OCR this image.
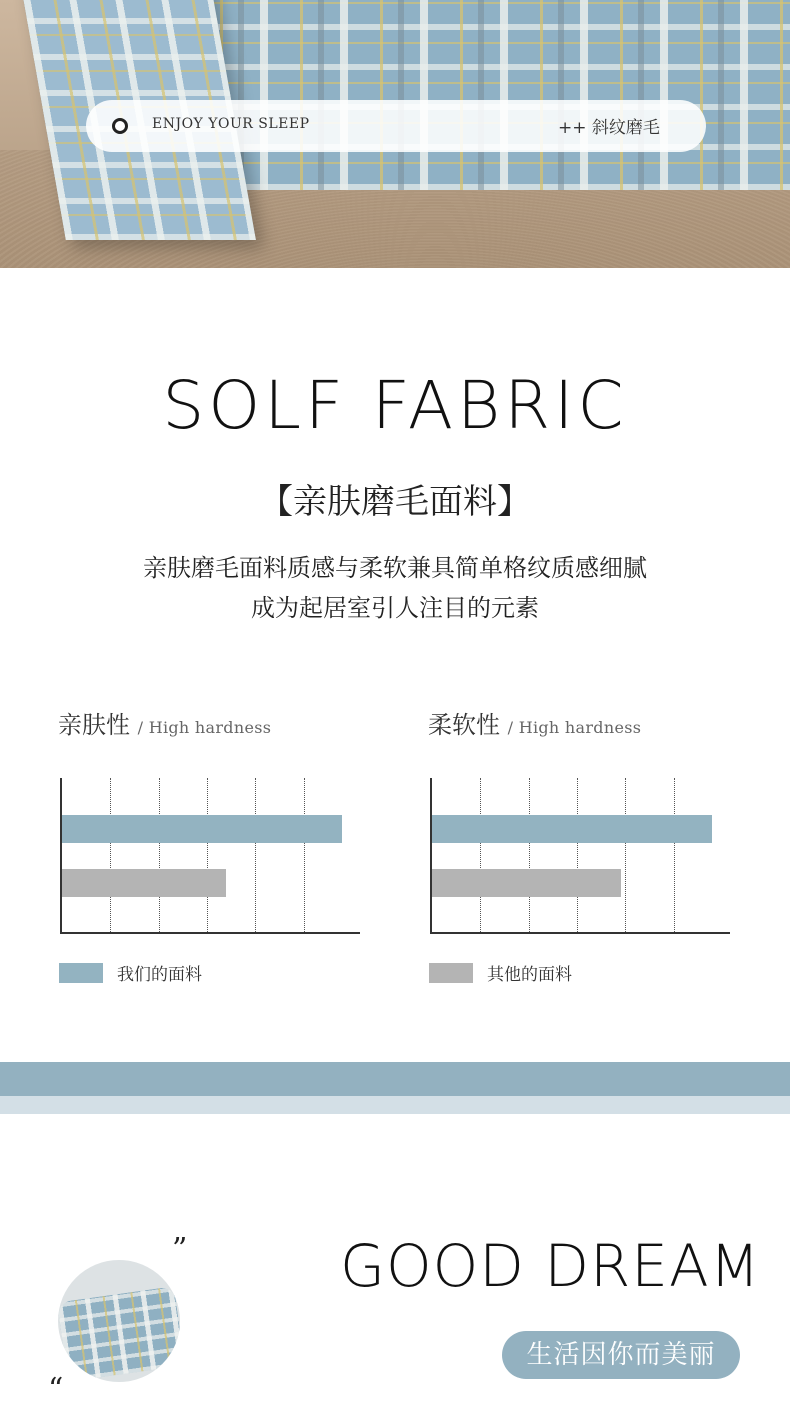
ENJOY YOUR SLEEP	++ 斜纹磨毛
SOLF FABRIC
【亲肤磨毛面料】
亲肤磨毛面料质感与柔软兼具简单格纹质感细腻
成为起居室引人注目的元素
亲肤性 / High hardness	柔软性 / High hardness
我们的面料	其他的面料
”
“
GOOD DREAM
生活因你而美丽
